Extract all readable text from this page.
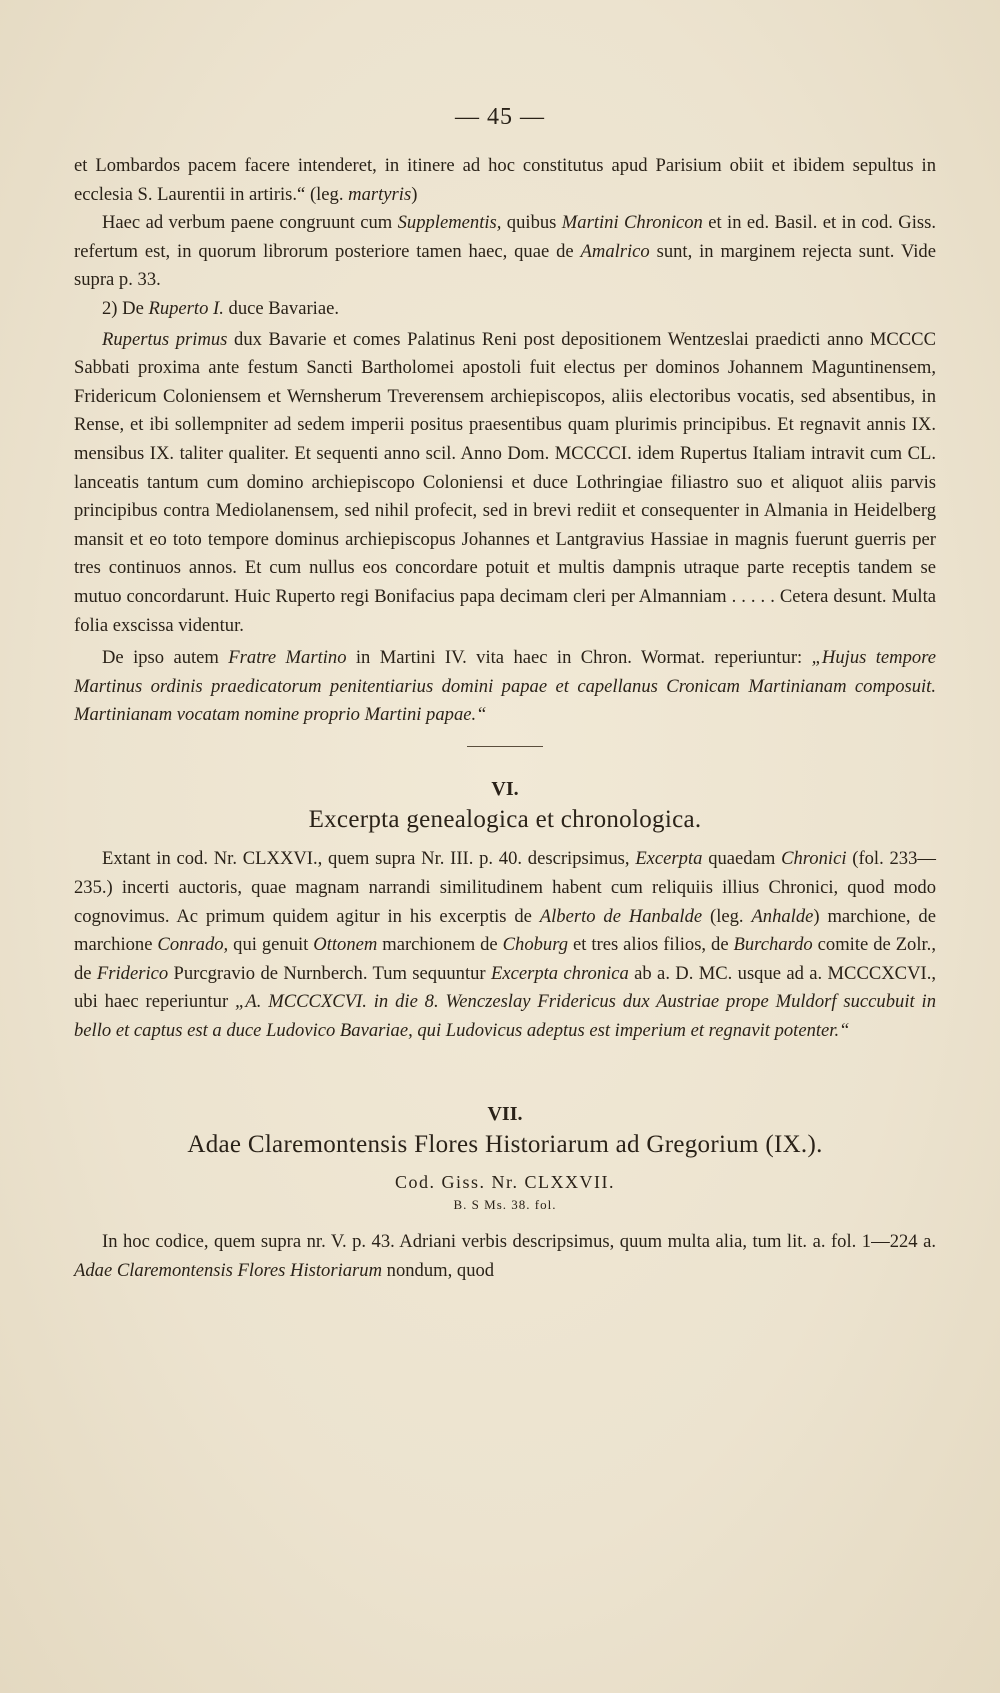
— 45 —

et Lombardos pacem facere intenderet, in itinere ad hoc constitutus apud Parisium obiit et ibidem sepultus in ecclesia S. Laurentii in artiris.“ (leg. martyris)

Haec ad verbum paene congruunt cum Supplementis, quibus Martini Chronicon et in ed. Basil. et in cod. Giss. refertum est, in quorum librorum posteriore tamen haec, quae de Amalrico sunt, in marginem rejecta sunt. Vide supra p. 33.

2) De Ruperto I. duce Bavariae.

Rupertus primus dux Bavarie et comes Palatinus Reni post depositionem Wentzeslai praedicti anno MCCCC Sabbati proxima ante festum Sancti Bartholomei apostoli fuit electus per dominos Johannem Maguntinensem, Fridericum Coloniensem et Wernsherum Treverensem archiepiscopos, aliis electoribus vocatis, sed absentibus, in Rense, et ibi sollempniter ad sedem imperii positus praesentibus quam plurimis principibus. Et regnavit annis IX. mensibus IX. taliter qualiter. Et sequenti anno scil. Anno Dom. MCCCCI. idem Rupertus Italiam intravit cum CL. lanceatis tantum cum domino archiepiscopo Coloniensi et duce Lothringiae filiastro suo et aliquot aliis parvis principibus contra Mediolanensem, sed nihil profecit, sed in brevi rediit et consequenter in Almania in Heidelberg mansit et eo toto tempore dominus archiepiscopus Johannes et Lantgravius Hassiae in magnis fuerunt guerris per tres continuos annos. Et cum nullus eos concordare potuit et multis dampnis utraque parte receptis tandem se mutuo concordarunt. Huic Ruperto regi Bonifacius papa decimam cleri per Almanniam . . . . . Cetera desunt. Multa folia exscissa videntur.

De ipso autem Fratre Martino in Martini IV. vita haec in Chron. Wormat. reperiuntur: „Hujus tempore Martinus ordinis praedicatorum penitentiarius domini papae et capellanus Cronicam Martinianam composuit. Martinianam vocatam nomine proprio Martini papae.“

VI.
Excerpta genealogica et chronologica.

Extant in cod. Nr. CLXXVI., quem supra Nr. III. p. 40. descripsimus, Excerpta quaedam Chronici (fol. 233—235.) incerti auctoris, quae magnam narrandi similitudinem habent cum reliquiis illius Chronici, quod modo cognovimus. Ac primum quidem agitur in his excerptis de Alberto de Hanbalde (leg. Anhalde) marchione, de marchione Conrado, qui genuit Ottonem marchionem de Choburg et tres alios filios, de Burchardo comite de Zolr., de Friderico Purcgravio de Nurnberch. Tum sequuntur Excerpta chronica ab a. D. MC. usque ad a. MCCCXCVI., ubi haec reperiuntur „A. MCCCXCVI. in die 8. Wenczeslay Fridericus dux Austriae prope Muldorf succubuit in bello et captus est a duce Ludovico Bavariae, qui Ludovicus adeptus est imperium et regnavit potenter.“

VII.
Adae Claremontensis Flores Historiarum ad Gregorium (IX.).
Cod. Giss. Nr. CLXXVII.
B. S Ms. 38. fol.

In hoc codice, quem supra nr. V. p. 43. Adriani verbis descripsimus, quum multa alia, tum lit. a. fol. 1—224 a. Adae Claremontensis Flores Historiarum nondum, quod
